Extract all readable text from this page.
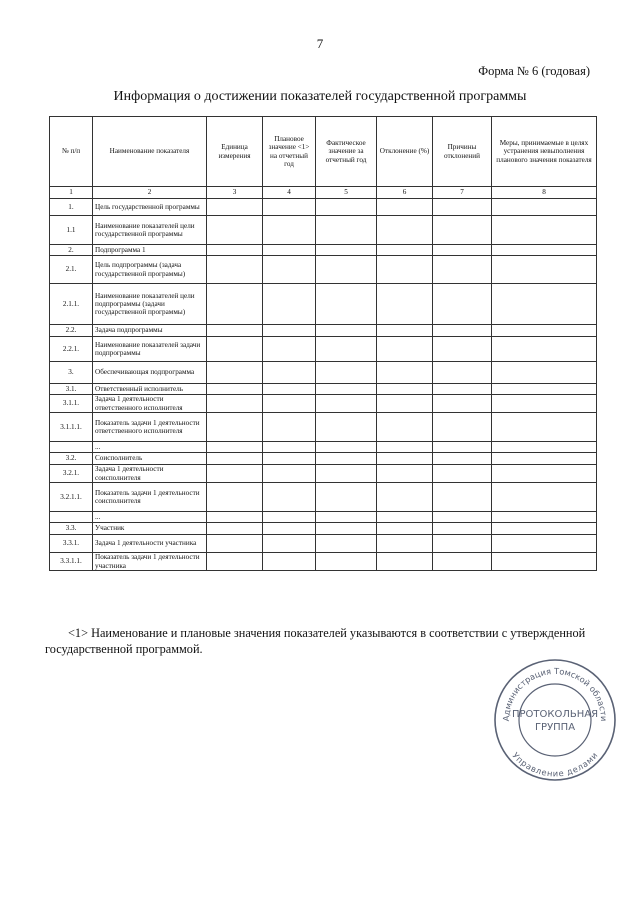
7
Форма № 6 (годовая)
Информация о достижении показателей государственной программы
№ п/п	Наименование показателя	Единица измерения	Плановое значение <1> на отчетный год	Фактическое значение за отчетный год	Отклонение (%)	Причины отклонений	Меры, принимаемые в целях устранения невыполнения планового значения показателя
1	2	3	4	5	6	7	8
1.	Цель государственной программы						
1.1	Наименование показателей цели государственной программы						
2.	Подпрограмма 1						
2.1.	Цель подпрограммы (задача государственной программы)						
2.1.1.	Наименование показателей цели подпрограммы (задачи государственной программы)						
2.2.	Задача подпрограммы						
2.2.1.	Наименование показателей задачи подпрограммы						
3.	Обеспечивающая подпрограмма						
3.1.	Ответственный исполнитель						
3.1.1.	Задача 1 деятельности ответственного исполнителя						
3.1.1.1.	Показатель задачи 1 деятельности ответственного исполнителя						
	...						
3.2.	Соисполнитель						
3.2.1.	Задача 1 деятельности соисполнителя						
3.2.1.1.	Показатель задачи 1 деятельности соисполнителя						
	...						
3.3.	Участник						
3.3.1.	Задача 1 деятельности участника						
3.3.1.1.	Показатель задачи 1 деятельности участника						
<1> Наименование и плановые значения показателей указываются в соответствии с утвержденной
государственной программой.
Администрация Томской области
Управление делами
ПРОТОКОЛЬНАЯ
ГРУППА
